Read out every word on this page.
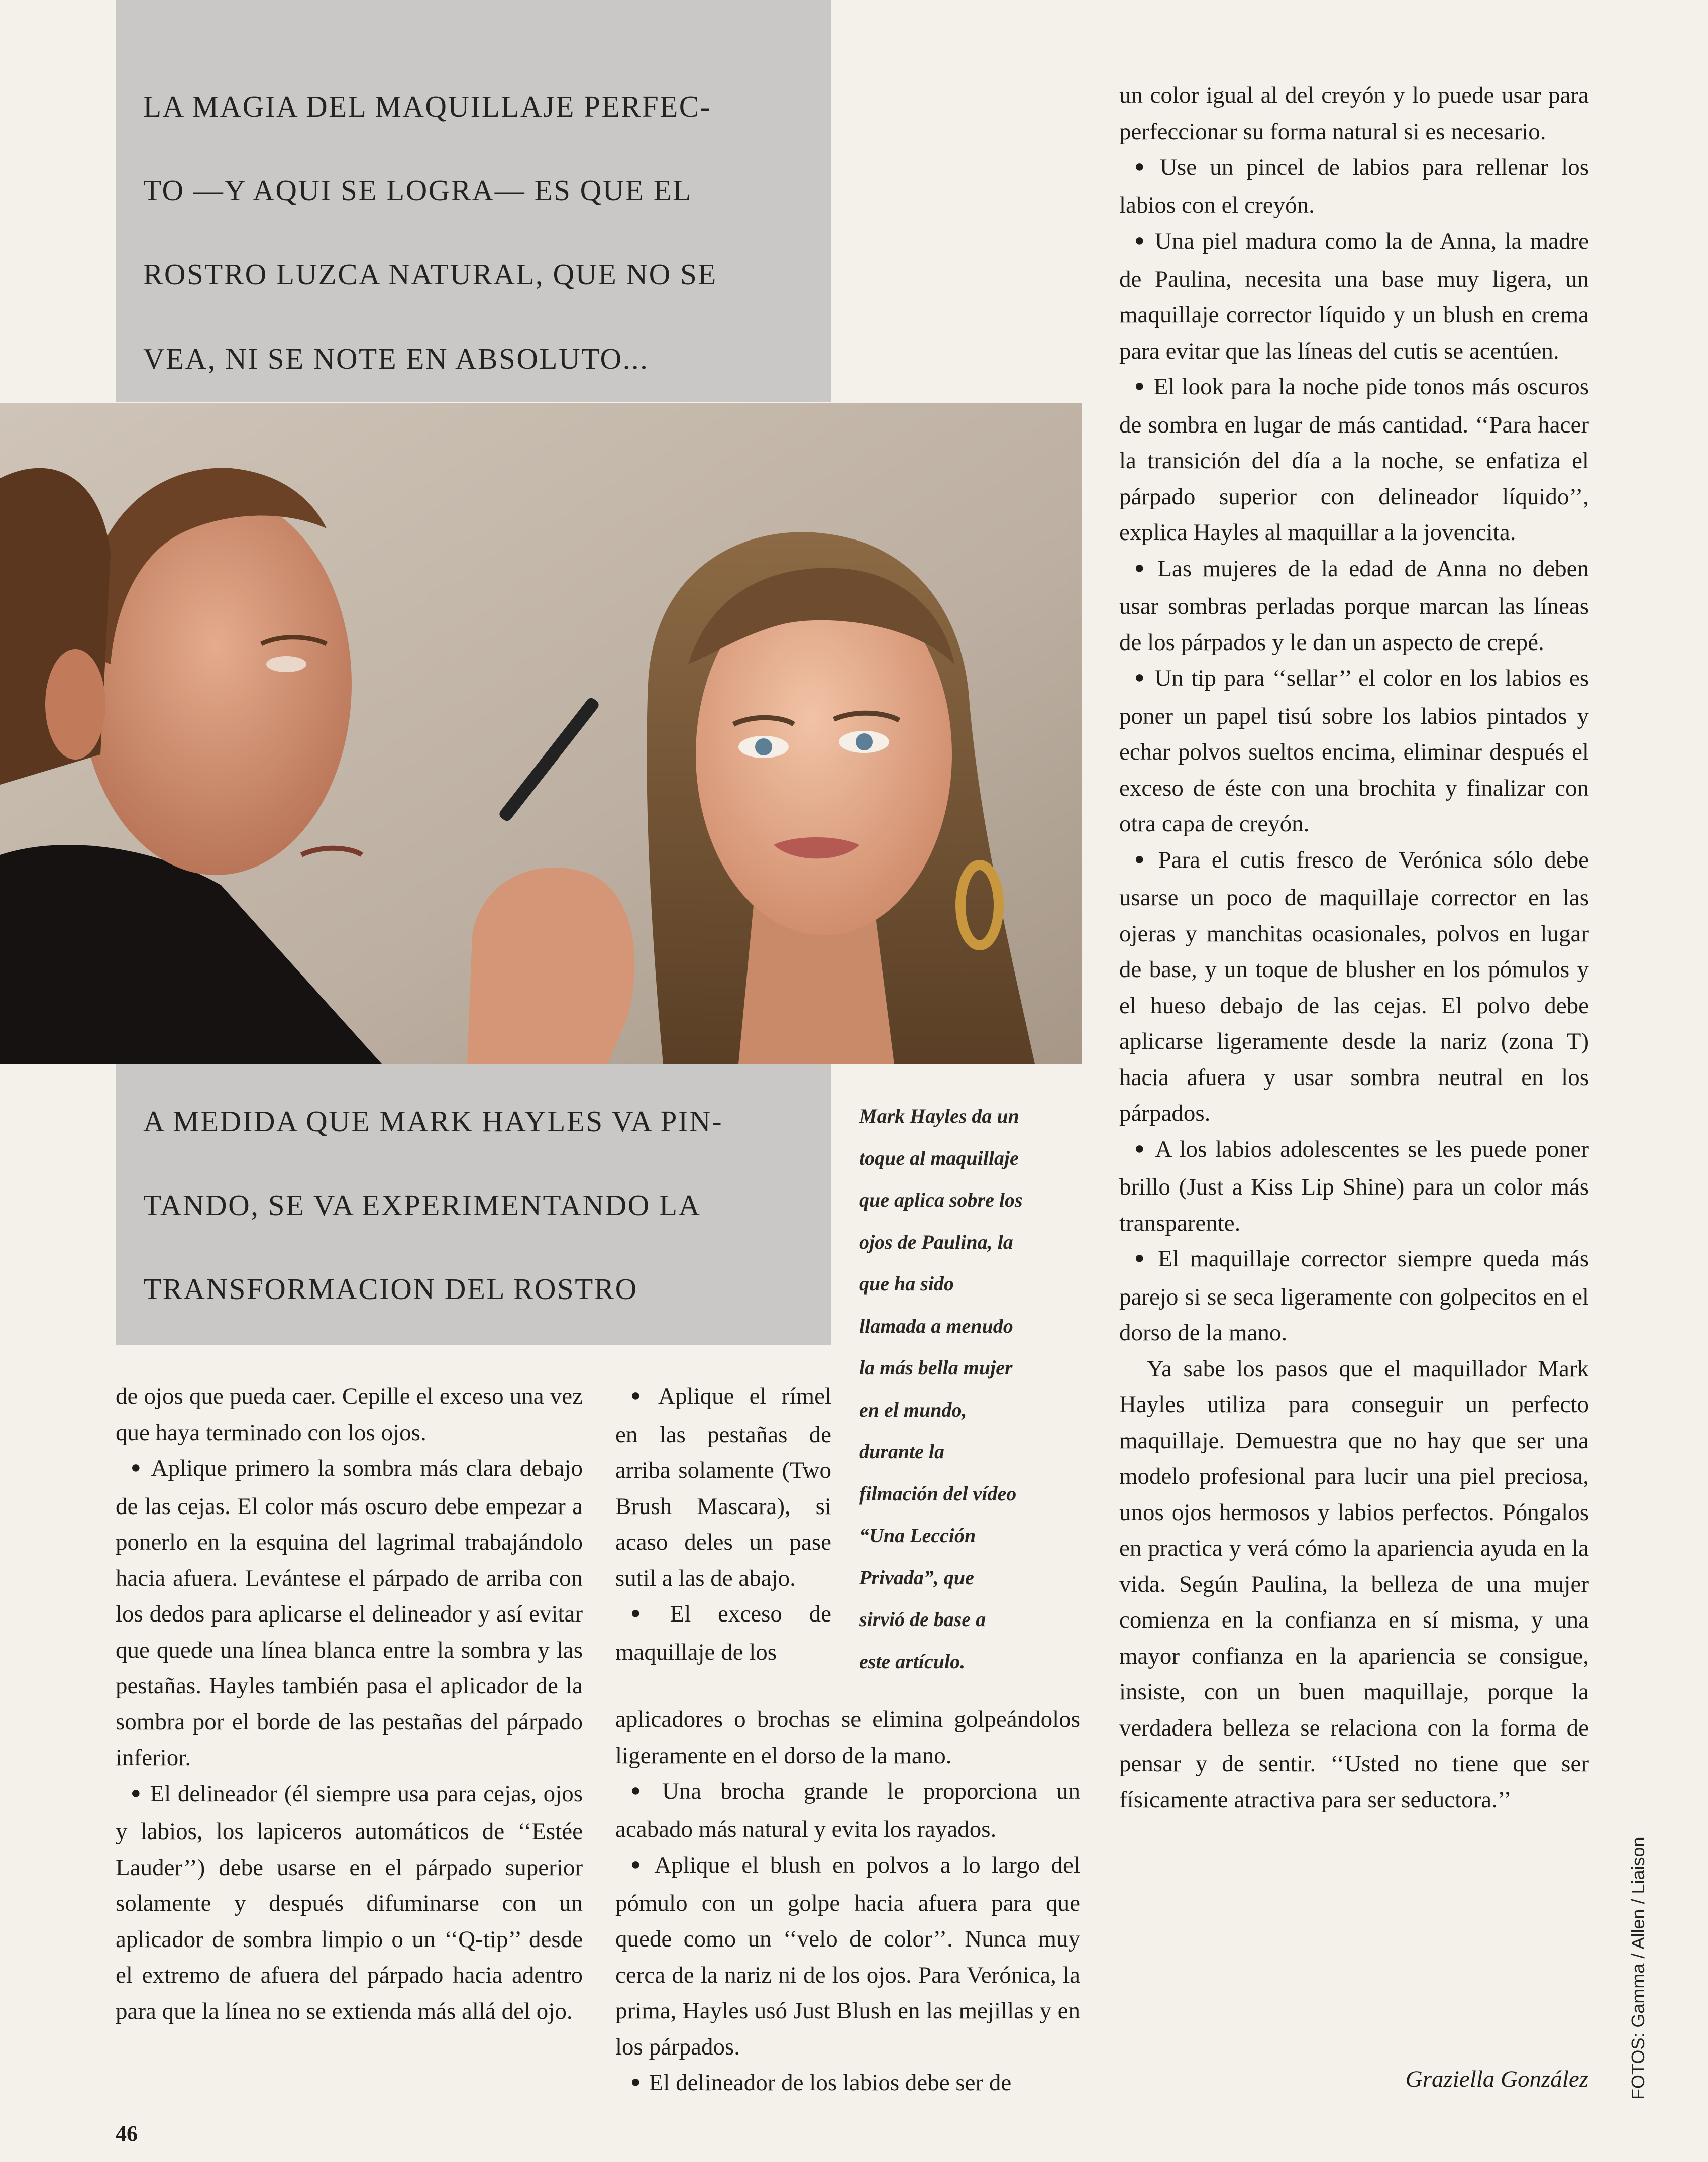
LA MAGIA DEL MAQUILLAJE PERFEC-
TO —Y AQUI SE LOGRA— ES QUE EL
ROSTRO LUZCA NATURAL, QUE NO SE
VEA, NI SE NOTE EN ABSOLUTO...
A MEDIDA QUE MARK HAYLES VA PIN-
TANDO, SE VA EXPERIMENTANDO LA
TRANSFORMACION DEL ROSTRO
Mark Hayles da un
toque al maquillaje
que aplica sobre los
ojos de Paulina, la
que ha sido
llamada a menudo
la más bella mujer
en el mundo,
durante la
filmación del vídeo
“Una Lección
Privada”, que
sirvió de base a
este artículo.

de ojos que pueda caer. Cepille el exceso una vez que haya terminado con los ojos.

● Aplique primero la sombra más clara debajo de las cejas. El color más oscuro debe empezar a ponerlo en la esquina del lagrimal trabajándolo hacia afuera. Levántese el párpado de arriba con los dedos para aplicarse el delineador y así evitar que quede una línea blanca entre la sombra y las pestañas. Hayles también pasa el aplicador de la sombra por el borde de las pestañas del párpado inferior.

● El delineador (él siempre usa para cejas, ojos y labios, los lapiceros automáticos de ‘‘Estée Lauder’’) debe usarse en el párpado superior solamente y después difuminarse con un aplicador de sombra limpio o un ‘‘Q-tip’’ desde el extremo de afuera del párpado hacia adentro para que la línea no se extienda más allá del ojo.

● Aplique el rímel en las pestañas de arriba solamente (Two Brush Mascara), si acaso deles un pase sutil a las de abajo.

● El exceso de maquillaje de los

aplicadores o brochas se elimina golpeándolos ligeramente en el dorso de la mano.

● Una brocha grande le proporciona un acabado más natural y evita los rayados.

● Aplique el blush en polvos a lo largo del pómulo con un golpe hacia afuera para que quede como un ‘‘velo de color’’. Nunca muy cerca de la nariz ni de los ojos. Para Verónica, la prima, Hayles usó Just Blush en las mejillas y en los párpados.

● El delineador de los labios debe ser de

un color igual al del creyón y lo puede usar para perfeccionar su forma natural si es necesario.

● Use un pincel de labios para rellenar los labios con el creyón.

● Una piel madura como la de Anna, la madre de Paulina, necesita una base muy ligera, un maquillaje corrector líquido y un blush en crema para evitar que las líneas del cutis se acentúen.

● El look para la noche pide tonos más oscuros de sombra en lugar de más cantidad. ‘‘Para hacer la transición del día a la noche, se enfatiza el párpado superior con delineador líquido’’, explica Hayles al maquillar a la jovencita.

● Las mujeres de la edad de Anna no deben usar sombras perladas porque marcan las líneas de los párpados y le dan un aspecto de crepé.

● Un tip para ‘‘sellar’’ el color en los labios es poner un papel tisú sobre los labios pintados y echar polvos sueltos encima, eliminar después el exceso de éste con una brochita y finalizar con otra capa de creyón.

● Para el cutis fresco de Verónica sólo debe usarse un poco de maquillaje corrector en las ojeras y manchitas ocasionales, polvos en lugar de base, y un toque de blusher en los pómulos y el hueso debajo de las cejas. El polvo debe aplicarse ligeramente desde la nariz (zona T) hacia afuera y usar sombra neutral en los párpados.

● A los labios adolescentes se les puede poner brillo (Just a Kiss Lip Shine) para un color más transparente.

● El maquillaje corrector siempre queda más parejo si se seca ligeramente con golpecitos en el dorso de la mano.

Ya sabe los pasos que el maquillador Mark Hayles utiliza para conseguir un perfecto maquillaje. Demuestra que no hay que ser una modelo profesional para lucir una piel preciosa, unos ojos hermosos y labios perfectos. Póngalos en practica y verá cómo la apariencia ayuda en la vida. Según Paulina, la belleza de una mujer comienza en la confianza en sí misma, y una mayor confianza en la apariencia se consigue, insiste, con un buen maquillaje, porque la verdadera belleza se relaciona con la forma de pensar y de sentir. ‘‘Usted no tiene que ser físicamente atractiva para ser seductora.’’

Graziella González
46
FOTOS: Gamma / Allen / Liaison
